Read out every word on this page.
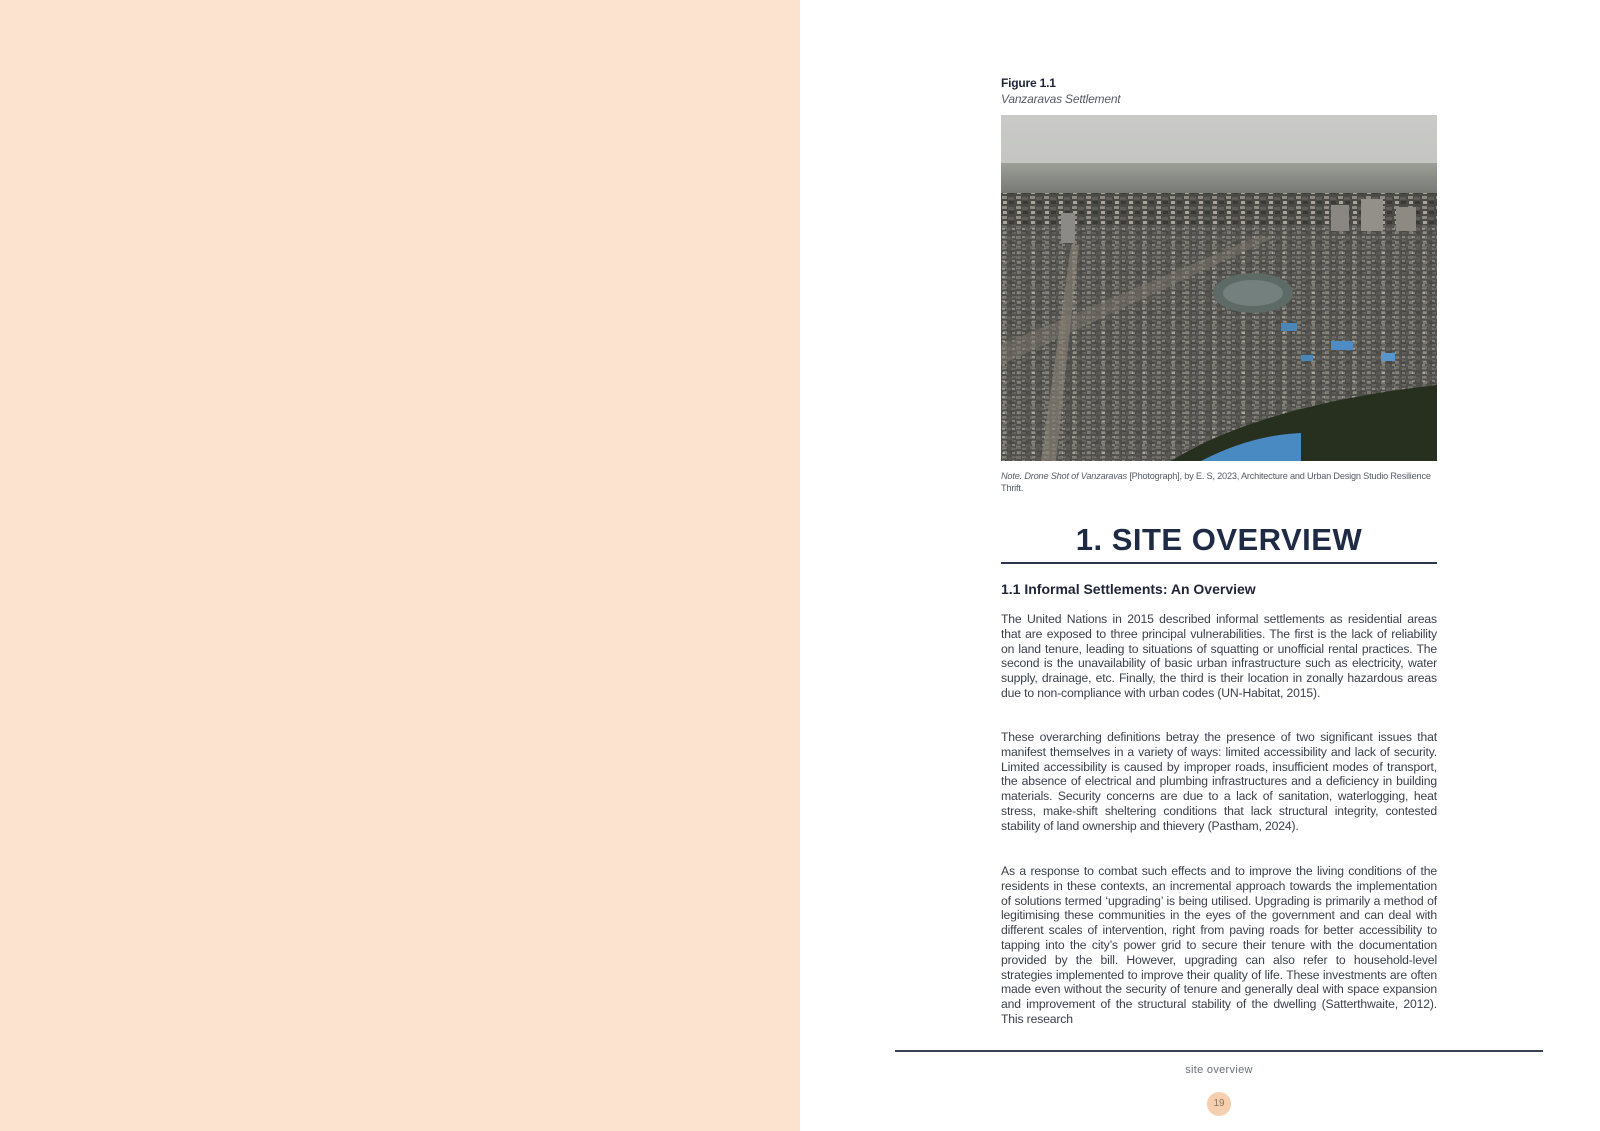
Figure 1.1
Vanzaravas Settlement
Note. Drone Shot of Vanzaravas [Photograph], by E. S, 2023, Architecture and Urban Design Studio Resilience Thrift.
1. SITE OVERVIEW
1.1 Informal Settlements: An Overview
The United Nations in 2015 described informal settlements as residential areas that are exposed to three principal vulnerabilities. The first is the lack of reliability on land tenure, leading to situations of squatting or unofficial rental practices. The second is the unavailability of basic urban infrastructure such as electricity, water supply, drainage, etc. Finally, the third is their location in zonally hazardous areas due to non-compliance with urban codes (UN-Habitat, 2015).
These overarching definitions betray the presence of two significant issues that manifest themselves in a variety of ways: limited accessibility and lack of security. Limited accessibility is caused by improper roads, insufficient modes of transport, the absence of electrical and plumbing infrastructures and a deficiency in building materials. Security concerns are due to a lack of sanitation, waterlogging, heat stress, make-shift sheltering conditions that lack structural integrity, contested stability of land ownership and thievery (Pastham, 2024).
As a response to combat such effects and to improve the living conditions of the residents in these contexts, an incremental approach towards the implementation of solutions termed ‘upgrading’ is being utilised. Upgrading is primarily a method of legitimising these communities in the eyes of the government and can deal with different scales of intervention, right from paving roads for better accessibility to tapping into the city’s power grid to secure their tenure with the documentation provided by the bill. However, upgrading can also refer to household-level strategies implemented to improve their quality of life. These investments are often made even without the security of tenure and generally deal with space expansion and improvement of the structural stability of the dwelling (Satterthwaite, 2012). This research
site overview
19
